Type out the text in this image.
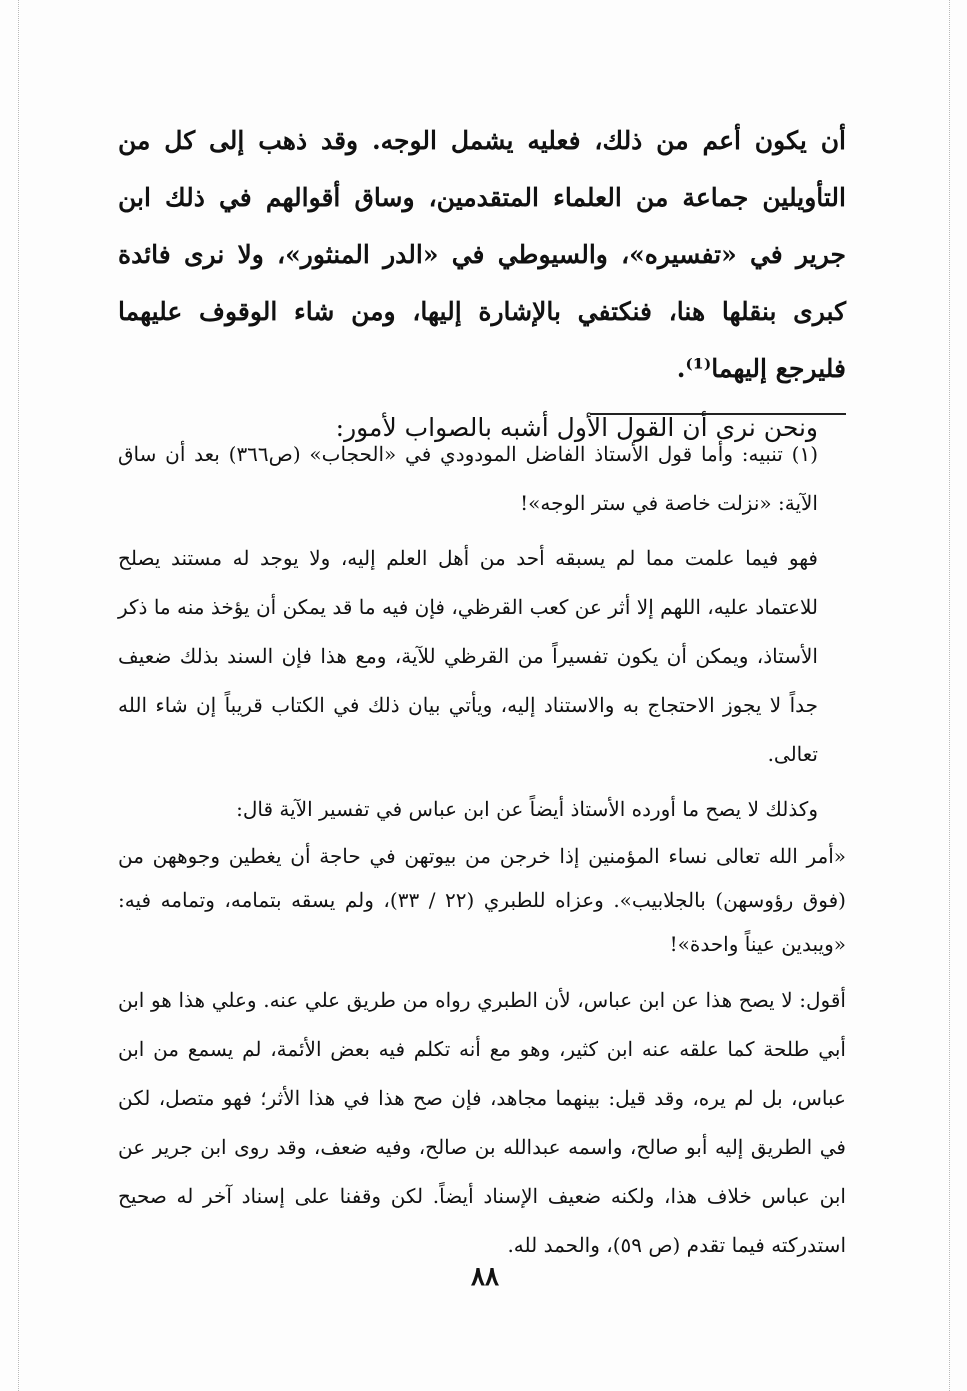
أن يكون أعم من ذلك، فعليه يشمل الوجه. وقد ذهب إلى كل من التأويلين جماعة من العلماء المتقدمين، وساق أقوالهم في ذلك ابن جرير في «تفسيره»، والسيوطي في «الدر المنثور»، ولا نرى فائدة كبرى بنقلها هنا، فنكتفي بالإشارة إليها، ومن شاء الوقوف عليهما فليرجع إليهما⁽¹⁾.

ونحن نرى أن القول الأول أشبه بالصواب لأمور:

(١) تنبيه: وأما قول الأستاذ الفاضل المودودي في «الحجاب» (ص٣٦٦) بعد أن ساق الآية: «نزلت خاصة في ستر الوجه»!

فهو فيما علمت مما لم يسبقه أحد من أهل العلم إليه، ولا يوجد له مستند يصلح للاعتماد عليه، اللهم إلا أثر عن كعب القرظي، فإن فيه ما قد يمكن أن يؤخذ منه ما ذكر الأستاذ، ويمكن أن يكون تفسيراً من القرظي للآية، ومع هذا فإن السند بذلك ضعيف جداً لا يجوز الاحتجاج به والاستناد إليه، ويأتي بيان ذلك في الكتاب قريباً إن شاء الله تعالى.

وكذلك لا يصح ما أورده الأستاذ أيضاً عن ابن عباس في تفسير الآية قال:

«أمر الله تعالى نساء المؤمنين إذا خرجن من بيوتهن في حاجة أن يغطين وجوههن من (فوق رؤوسهن) بالجلابيب». وعزاه للطبري (٢٢ / ٣٣)، ولم يسقه بتمامه، وتمامه فيه: «ويبدين عيناً واحدة»!

أقول: لا يصح هذا عن ابن عباس، لأن الطبري رواه من طريق علي عنه. وعلي هذا هو ابن أبي طلحة كما علقه عنه ابن كثير، وهو مع أنه تكلم فيه بعض الأئمة، لم يسمع من ابن عباس، بل لم يره، وقد قيل: بينهما مجاهد، فإن صح هذا في هذا الأثر؛ فهو متصل، لكن في الطريق إليه أبو صالح، واسمه عبدالله بن صالح، وفيه ضعف، وقد روى ابن جرير عن ابن عباس خلاف هذا، ولكنه ضعيف الإسناد أيضاً. لكن وقفنا على إسناد آخر له صحيح استدركته فيما تقدم (ص ٥٩)، والحمد لله.

٨٨
